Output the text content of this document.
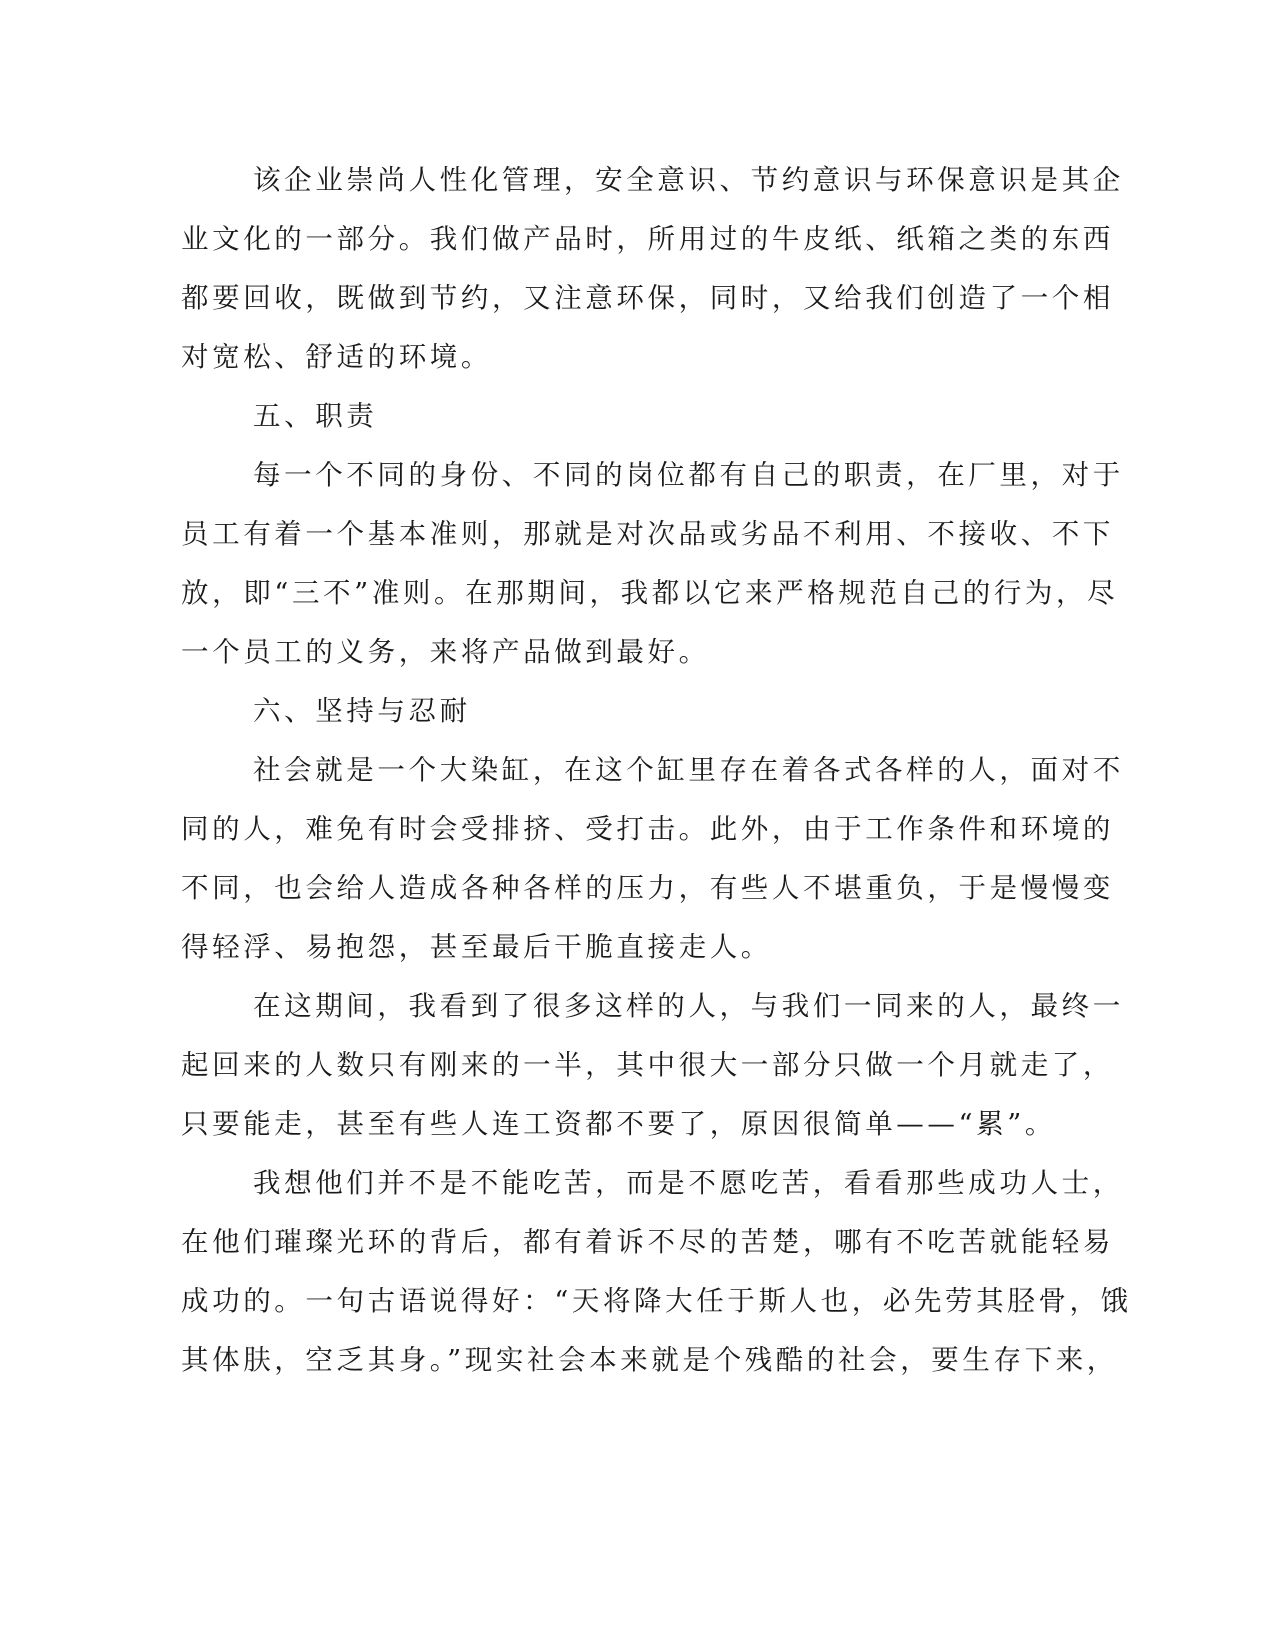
该企业崇尚人性化管理，安全意识、节约意识与环保意识是其企
业文化的一部分。我们做产品时，所用过的牛皮纸、纸箱之类的东西
都要回收，既做到节约，又注意环保，同时，又给我们创造了一个相
对宽松、舒适的环境。
五、职责
每一个不同的身份、不同的岗位都有自己的职责，在厂里，对于
员工有着一个基本准则，那就是对次品或劣品不利用、不接收、不下
放，即“三不”准则。在那期间，我都以它来严格规范自己的行为，尽
一个员工的义务，来将产品做到最好。
六、坚持与忍耐
社会就是一个大染缸，在这个缸里存在着各式各样的人，面对不
同的人，难免有时会受排挤、受打击。此外，由于工作条件和环境的
不同，也会给人造成各种各样的压力，有些人不堪重负，于是慢慢变
得轻浮、易抱怨，甚至最后干脆直接走人。
在这期间，我看到了很多这样的人，与我们一同来的人，最终一
起回来的人数只有刚来的一半，其中很大一部分只做一个月就走了，
只要能走，甚至有些人连工资都不要了，原因很简单——“累”。
我想他们并不是不能吃苦，而是不愿吃苦，看看那些成功人士，
在他们璀璨光环的背后，都有着诉不尽的苦楚，哪有不吃苦就能轻易
成功的。一句古语说得好：“天将降大任于斯人也，必先劳其胫骨，饿
其体肤，空乏其身。”现实社会本来就是个残酷的社会，要生存下来，
